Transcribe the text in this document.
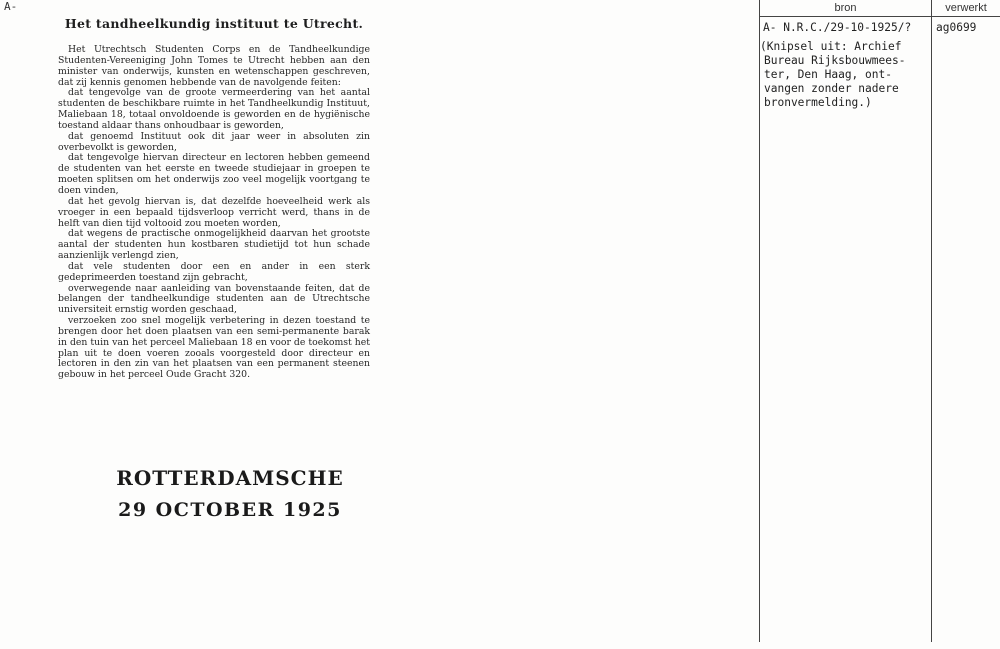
A-
Het tandheelkundig instituut te Utrecht.

Het Utrechtsch Studenten Corps en de Tandheelkundige Studenten-Vereeniging John Tomes te Utrecht hebben aan den minister van onderwijs, kunsten en wetenschappen geschreven, dat zij kennis genomen hebbende van de navolgende feiten:

dat tengevolge van de groote vermeerdering van het aantal studenten de beschikbare ruimte in het Tandheelkundig Instituut, Maliebaan 18, totaal onvoldoende is geworden en de hygiënische toestand aldaar thans onhoudbaar is geworden,

dat genoemd Instituut ook dit jaar weer in absoluten zin overbevolkt is geworden,

dat tengevolge hiervan directeur en lectoren hebben gemeend de studenten van het eerste en tweede studiejaar in groepen te moeten splitsen om het onderwijs zoo veel mogelijk voortgang te doen vinden,

dat het gevolg hiervan is, dat dezelfde hoeveelheid werk als vroeger in een bepaald tijdsverloop verricht werd, thans in de helft van dien tijd voltooid zou moeten worden,

dat wegens de practische onmogelijkheid daarvan het grootste aantal der studenten hun kostbaren studietijd tot hun schade aanzienlijk verlengd zien,

dat vele studenten door een en ander in een sterk gedeprimeerden toestand zijn gebracht,

overwegende naar aanleiding van bovenstaande feiten, dat de belangen der tandheelkundige studenten aan de Utrechtsche universiteit ernstig worden geschaad,

verzoeken zoo snel mogelijk verbetering in dezen toestand te brengen door het doen plaatsen van een semi-permanente barak in den tuin van het perceel Maliebaan 18 en voor de toekomst het plan uit te doen voeren zooals voorgesteld door directeur en lectoren in den zin van het plaatsen van een permanent steenen gebouw in het perceel Oude Gracht 320.

ROTTERDAMSCHE
29 OCTOBER 1925
bron	verwerkt
A- N.R.C./29-10-1925/? ag0699
(Knipsel uit: Archief
Bureau Rijksbouwmees-
ter, Den Haag, ont-
vangen zonder nadere
bronvermelding.)
